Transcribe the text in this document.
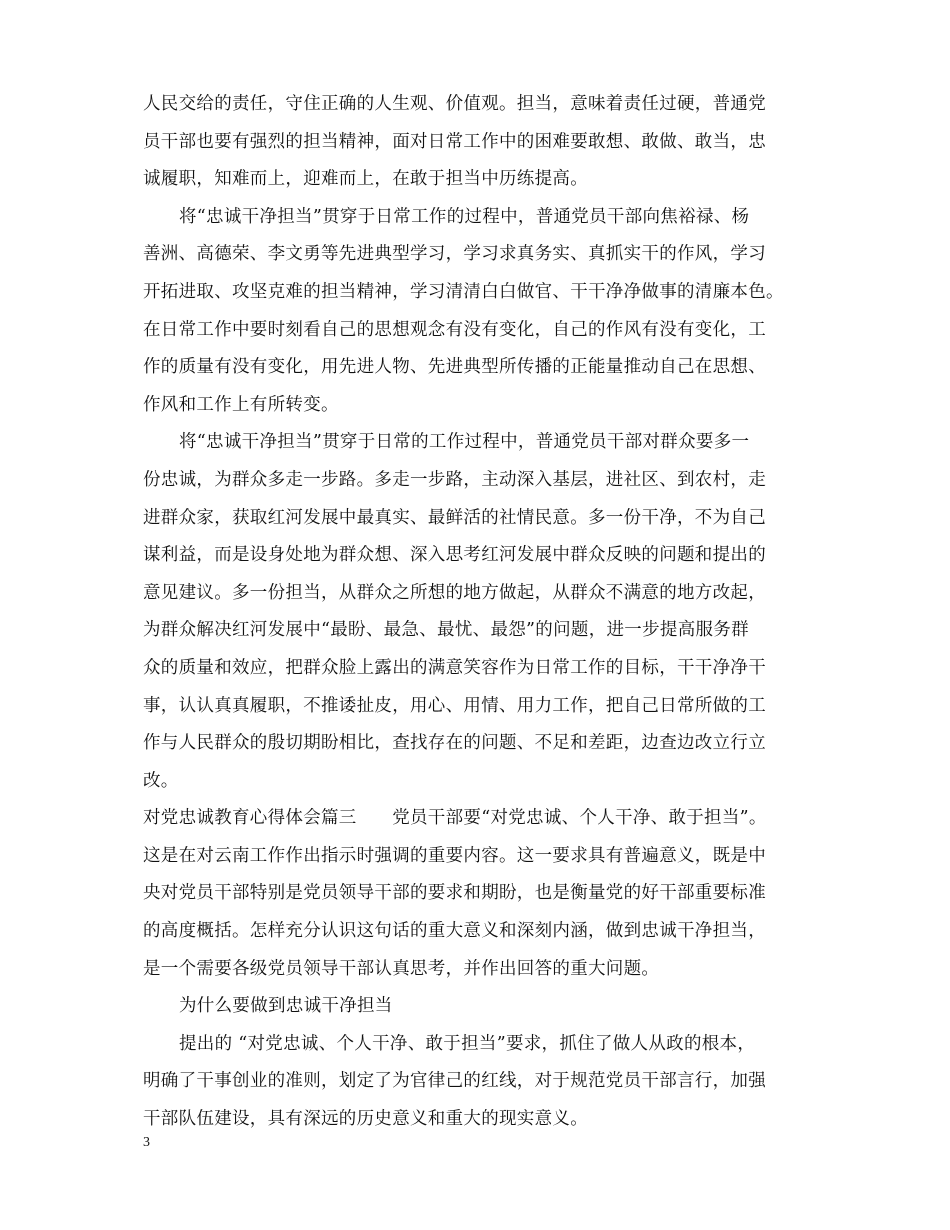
人民交给的责任，守住正确的人生观、价值观。担当，意味着责任过硬，普通党
员干部也要有强烈的担当精神，面对日常工作中的困难要敢想、敢做、敢当，忠
诚履职，知难而上，迎难而上，在敢于担当中历练提高。
将“忠诚干净担当”贯穿于日常工作的过程中，普通党员干部向焦裕禄、杨
善洲、高德荣、李文勇等先进典型学习，学习求真务实、真抓实干的作风，学习
开拓进取、攻坚克难的担当精神，学习清清白白做官、干干净净做事的清廉本色。
在日常工作中要时刻看自己的思想观念有没有变化，自己的作风有没有变化，工
作的质量有没有变化，用先进人物、先进典型所传播的正能量推动自己在思想、
作风和工作上有所转变。
将“忠诚干净担当”贯穿于日常的工作过程中，普通党员干部对群众要多一
份忠诚，为群众多走一步路。多走一步路，主动深入基层，进社区、到农村，走
进群众家，获取红河发展中最真实、最鲜活的社情民意。多一份干净，不为自己
谋利益，而是设身处地为群众想、深入思考红河发展中群众反映的问题和提出的
意见建议。多一份担当，从群众之所想的地方做起，从群众不满意的地方改起，
为群众解决红河发展中“最盼、最急、最忧、最怨”的问题，进一步提高服务群
众的质量和效应，把群众脸上露出的满意笑容作为日常工作的目标，干干净净干
事，认认真真履职，不推诿扯皮，用心、用情、用力工作，把自己日常所做的工
作与人民群众的殷切期盼相比，查找存在的问题、不足和差距，边查边改立行立
改。
对党忠诚教育心得体会篇三　　党员干部要“对党忠诚、个人干净、敢于担当”。
这是在对云南工作作出指示时强调的重要内容。这一要求具有普遍意义，既是中
央对党员干部特别是党员领导干部的要求和期盼，也是衡量党的好干部重要标准
的高度概括。怎样充分认识这句话的重大意义和深刻内涵，做到忠诚干净担当，
是一个需要各级党员领导干部认真思考，并作出回答的重大问题。
为什么要做到忠诚干净担当
提出的 “对党忠诚、个人干净、敢于担当”要求，抓住了做人从政的根本，
明确了干事创业的准则，划定了为官律己的红线，对于规范党员干部言行，加强
干部队伍建设，具有深远的历史意义和重大的现实意义。
3
